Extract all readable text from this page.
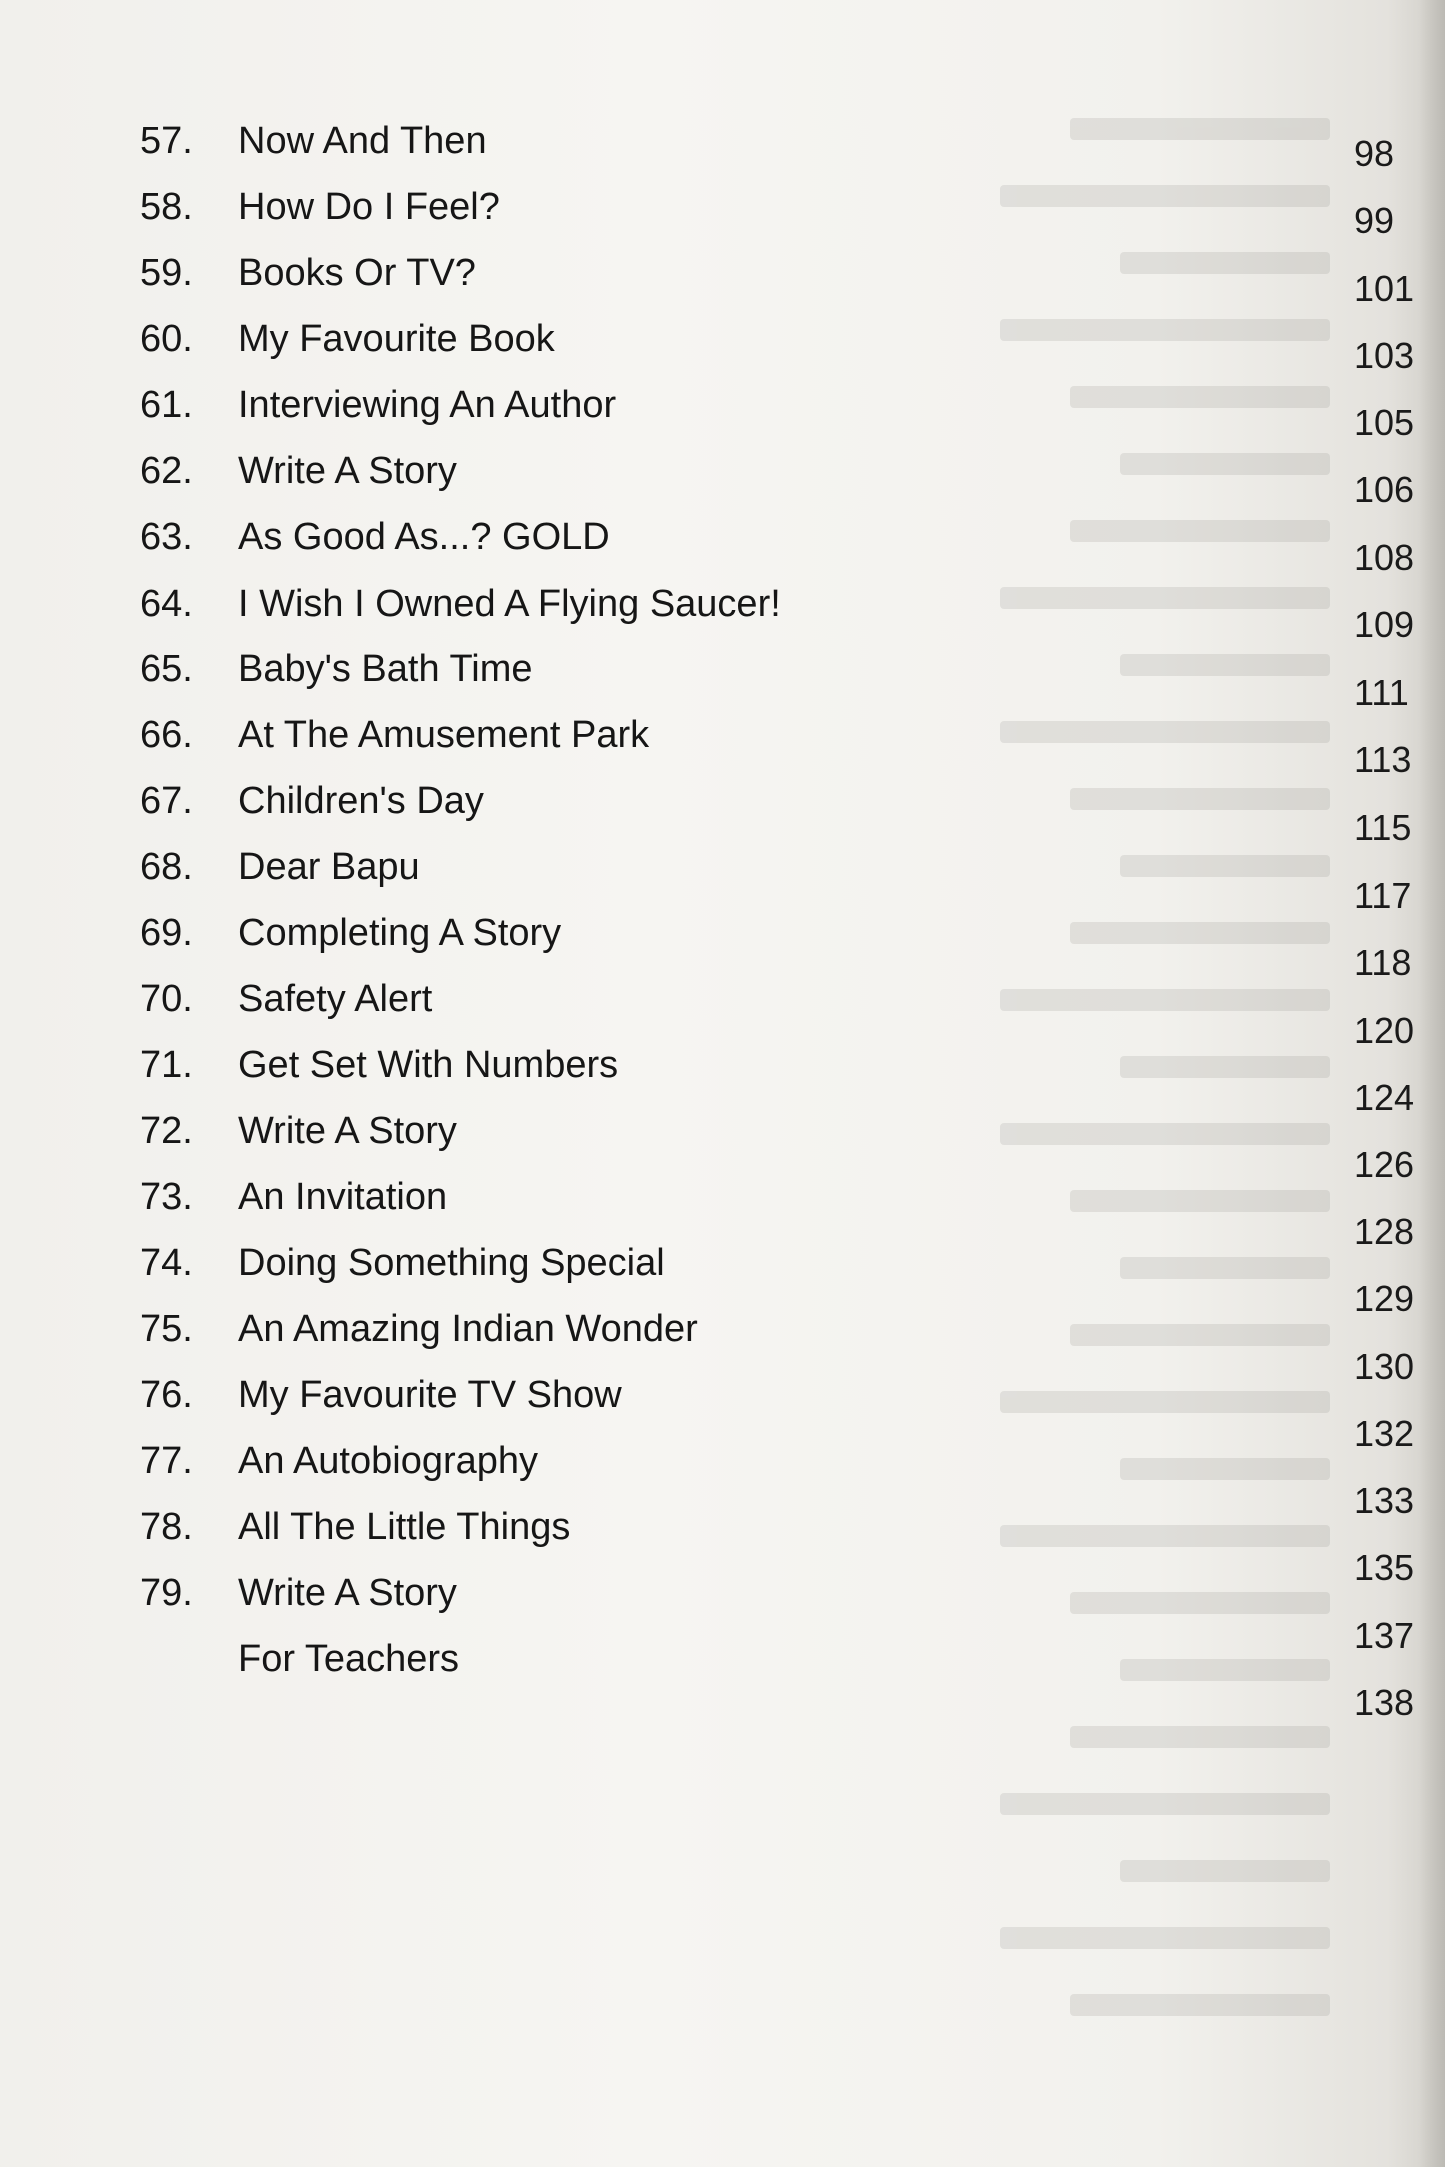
57. Now And Then
58. How Do I Feel?
59. Books Or TV?
60. My Favourite Book
61. Interviewing An Author
62. Write A Story
63. As Good As...? GOLD
64. I Wish I Owned A Flying Saucer!
65. Baby's Bath Time
66. At The Amusement Park
67. Children's Day
68. Dear Bapu
69. Completing A Story
70. Safety Alert
71. Get Set With Numbers
72. Write A Story
73. An Invitation
74. Doing Something Special
75. An Amazing Indian Wonder
76. My Favourite TV Show
77. An Autobiography
78. All The Little Things
79. Write A Story
For Teachers
98
99
101
103
105
106
108
109
111
113
115
117
118
120
124
126
128
129
130
132
133
135
137
138
